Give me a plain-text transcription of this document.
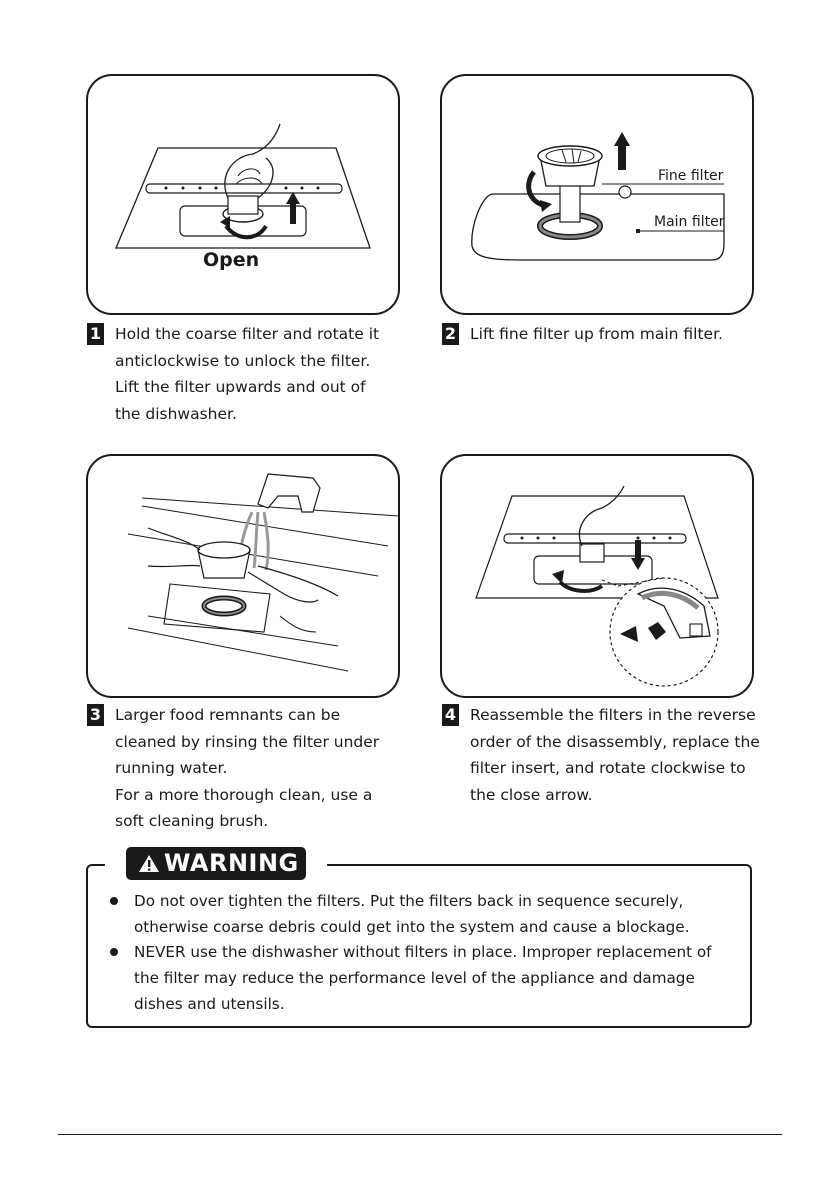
Open
Fine filter
Main filter
1 Hold the coarse filter and rotate it
anticlockwise to unlock the filter.
Lift the filter upwards and out of
the dishwasher.
2 Lift fine filter up from main filter.
3 Larger food remnants can be
cleaned by rinsing the filter under
running water.
For a more thorough clean, use a
soft cleaning brush.
4 Reassemble the filters in the reverse
order of the disassembly, replace the
filter insert, and rotate clockwise to
the close arrow.
WARNING
Do not over tighten the filters. Put the filters back in sequence securely,
otherwise coarse debris could get into the system and cause a blockage.
NEVER use the dishwasher without filters in place. Improper replacement of
the filter may reduce the performance level of the appliance and damage
dishes and utensils.
